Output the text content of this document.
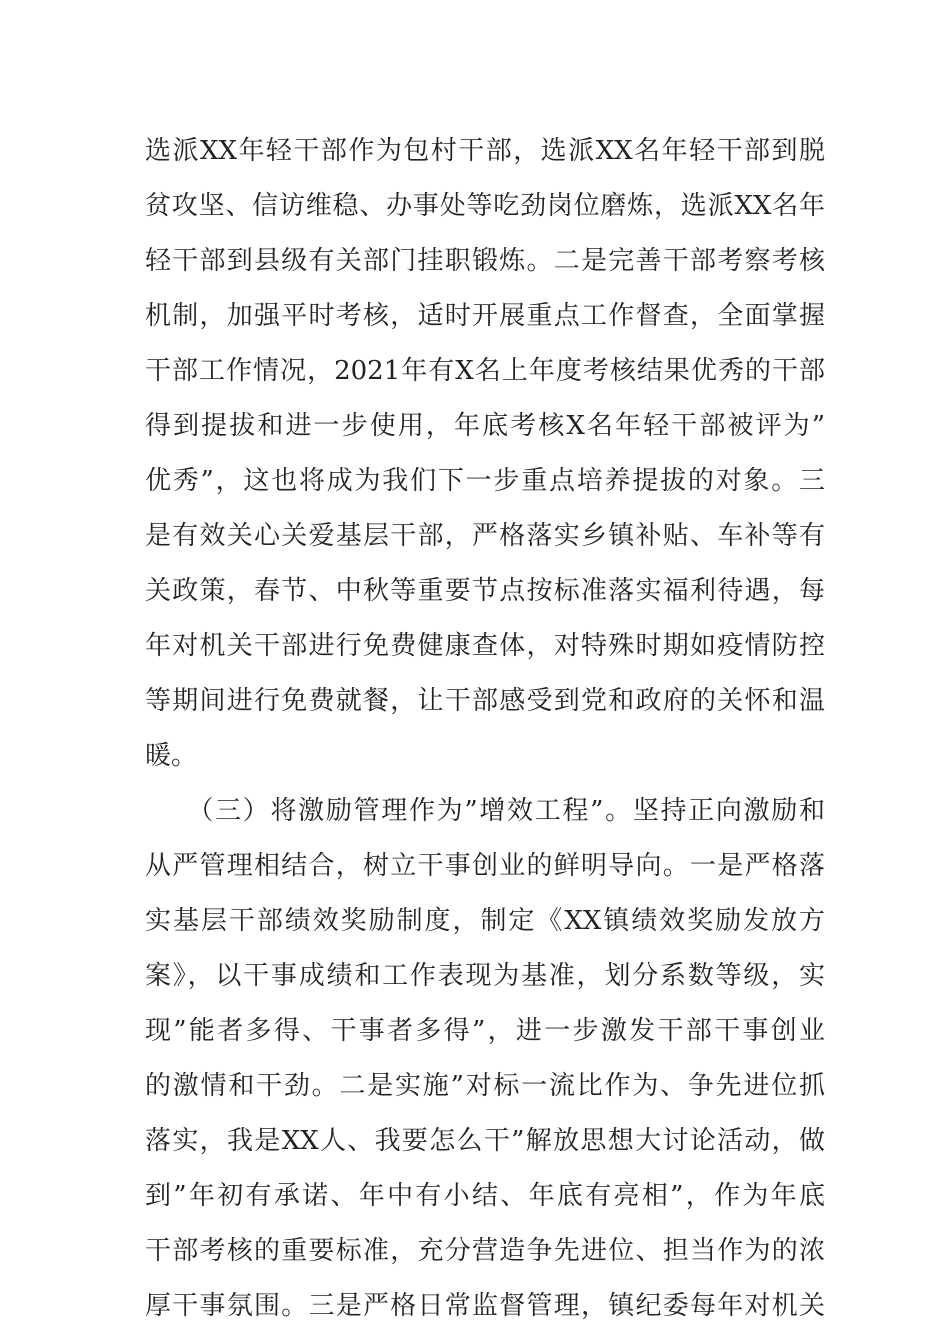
选派XX年轻干部作为包村干部，选派XX名年轻干部到脱
贫攻坚、信访维稳、办事处等吃劲岗位磨炼，选派XX名年
轻干部到县级有关部门挂职锻炼。二是完善干部考察考核
机制，加强平时考核，适时开展重点工作督查，全面掌握
干部工作情况，2021年有X名上年度考核结果优秀的干部
得到提拔和进一步使用，年底考核X名年轻干部被评为”
优秀”，这也将成为我们下一步重点培养提拔的对象。三
是有效关心关爱基层干部，严格落实乡镇补贴、车补等有
关政策，春节、中秋等重要节点按标准落实福利待遇，每
年对机关干部进行免费健康查体，对特殊时期如疫情防控
等期间进行免费就餐，让干部感受到党和政府的关怀和温
暖。
　　（三）将激励管理作为”增效工程”。坚持正向激励和
从严管理相结合，树立干事创业的鲜明导向。一是严格落
实基层干部绩效奖励制度，制定《XX镇绩效奖励发放方
案》，以干事成绩和工作表现为基准，划分系数等级，实
现”能者多得、干事者多得”，进一步激发干部干事创业
的激情和干劲。二是实施”对标一流比作为、争先进位抓
落实，我是XX人、我要怎么干”解放思想大讨论活动，做
到”年初有承诺、年中有小结、年底有亮相”，作为年底
干部考核的重要标准，充分营造争先进位、担当作为的浓
厚干事氛围。三是严格日常监督管理，镇纪委每年对机关
